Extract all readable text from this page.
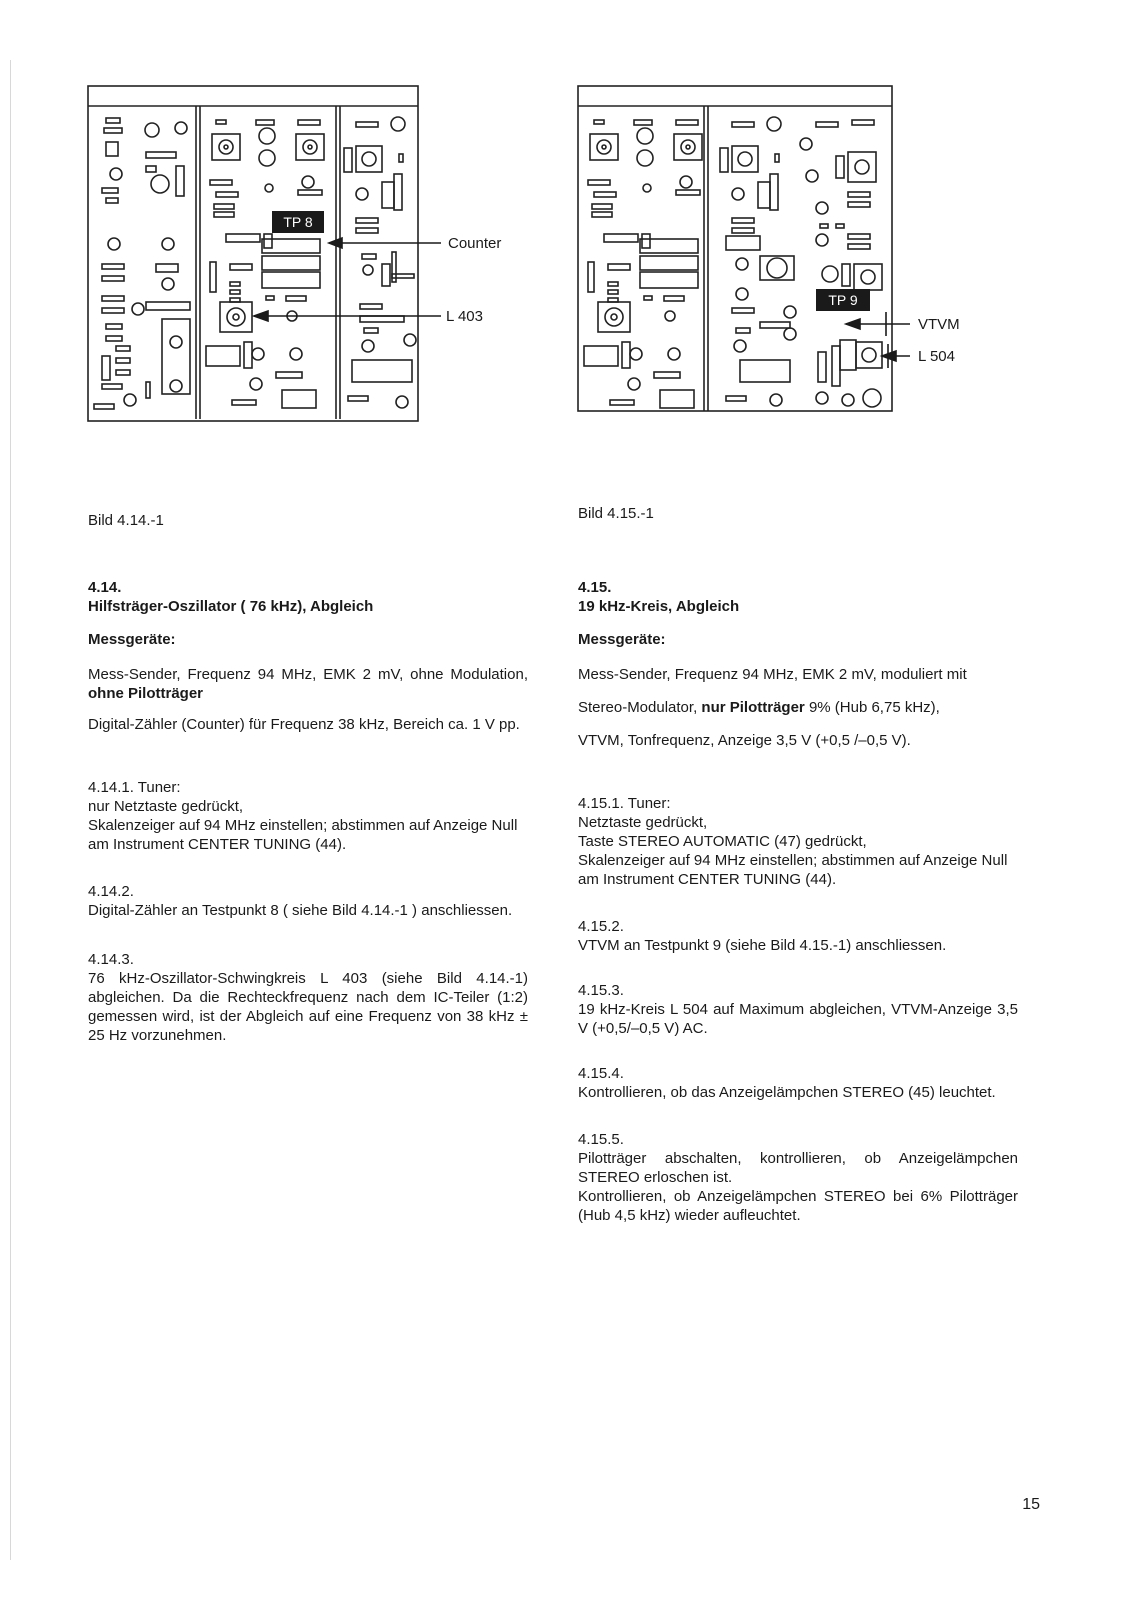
TP 8
Counter
L 403
TP 9
VTVM
L 504
Bild 4.14.-1	Bild 4.15.-1

4.14.

Hilfsträger-Oszillator ( 76 kHz), Abgleich

Messgeräte:

Mess-Sender, Frequenz 94 MHz, EMK 2 mV, ohne Modulation, ohne Pilotträger

Digital-Zähler (Counter) für Frequenz 38 kHz, Bereich ca. 1 V pp.

4.14.1. Tuner:

nur Netztaste gedrückt,

Skalenzeiger auf 94 MHz einstellen; abstimmen auf Anzeige Null am Instrument CENTER TUNING (44).

4.14.2.

Digital-Zähler an Testpunkt 8 ( siehe Bild 4.14.-1 ) anschliessen.

4.14.3.

76 kHz-Oszillator-Schwingkreis L 403 (siehe Bild 4.14.-1) abgleichen. Da die Rechteckfrequenz nach dem IC-Teiler (1:2) gemessen wird, ist der Abgleich auf eine Frequenz von 38 kHz ± 25 Hz vorzunehmen.

4.15.

19 kHz-Kreis, Abgleich

Messgeräte:

Mess-Sender, Frequenz 94 MHz, EMK 2 mV, moduliert mit

Stereo-Modulator, nur Pilotträger 9% (Hub 6,75 kHz),

VTVM, Tonfrequenz, Anzeige 3,5 V (+0,5 /–0,5 V).

4.15.1. Tuner:

Netztaste gedrückt,

Taste STEREO AUTOMATIC (47) gedrückt,

Skalenzeiger auf 94 MHz einstellen; abstimmen auf Anzeige Null am Instrument CENTER TUNING (44).

4.15.2.

VTVM an Testpunkt 9 (siehe Bild 4.15.-1) anschliessen.

4.15.3.

19 kHz-Kreis L 504 auf Maximum abgleichen, VTVM-Anzeige 3,5 V (+0,5/–0,5 V) AC.

4.15.4.

Kontrollieren, ob das Anzeigelämpchen STEREO (45) leuchtet.

4.15.5.

Pilotträger abschalten, kontrollieren, ob Anzeigelämpchen STEREO erloschen ist.

Kontrollieren, ob Anzeigelämpchen STEREO bei 6% Pilotträger (Hub 4,5 kHz) wieder aufleuchtet.

15
